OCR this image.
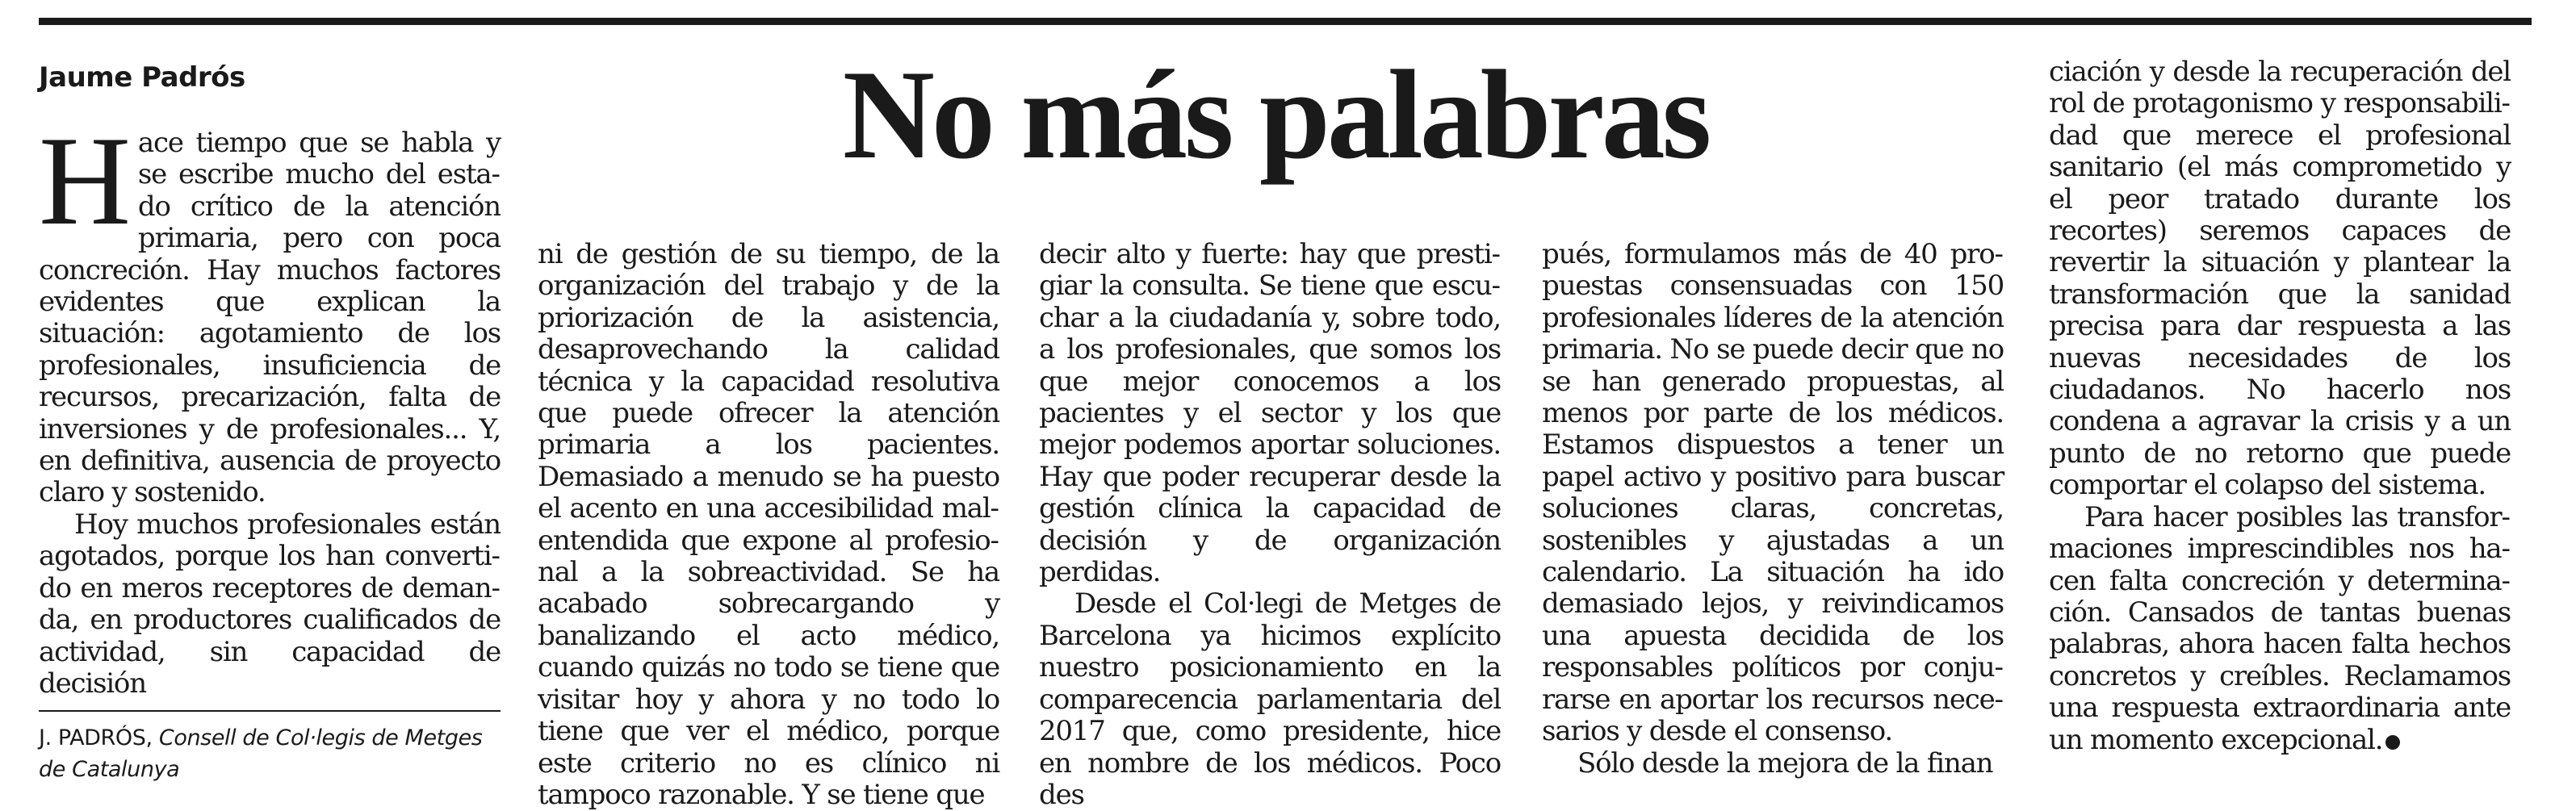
Jaume Padrós	No más palabras

Hace tiempo que se habla y se escribe mucho del estado crítico de la atención primaria, pero con poca concreción. Hay muchos factores evidentes que explican la situación: agotamiento de los profesionales, insuficiencia de recursos, precarización, falta de inversiones y de profesionales... Y, en definitiva, ausencia de proyecto claro y sostenido.

Hoy muchos profesionales están agotados, porque los han convertido en meros receptores de demanda, en productores cualificados de actividad, sin capacidad de decisión

ni de gestión de su tiempo, de la organización del trabajo y de la priorización de la asistencia, desaprovechando la calidad técnica y la capacidad resolutiva que puede ofrecer la atención primaria a los pacientes. Demasiado a menudo se ha puesto el acento en una accesibilidad malentendida que expone al profesional a la sobreactividad. Se ha acabado sobrecargando y banalizando el acto médico, cuando quizás no todo se tiene que visitar hoy y ahora y no todo lo tiene que ver el médico, porque este criterio no es clínico ni tampoco razonable. Y se tiene que

decir alto y fuerte: hay que prestigiar la consulta. Se tiene que escuchar a la ciudadanía y, sobre todo, a los profesionales, que somos los que mejor conocemos a los pacientes y el sector y los que mejor podemos aportar soluciones. Hay que poder recuperar desde la gestión clínica la capacidad de decisión y de organización perdidas.

Desde el Col·legi de Metges de Barcelona ya hicimos explícito nuestro posicionamiento en la comparecencia parlamentaria del 2017 que, como presidente, hice en nombre de los médicos. Poco des

pués, formulamos más de 40 propuestas consensuadas con 150 profesionales líderes de la atención primaria. No se puede decir que no se han generado propuestas, al menos por parte de los médicos. Estamos dispuestos a tener un papel activo y positivo para buscar soluciones claras, concretas, sostenibles y ajustadas a un calendario. La situación ha ido demasiado lejos, y reivindicamos una apuesta decidida de los responsables políticos por conjurarse en aportar los recursos necesarios y desde el consenso.

Sólo desde la mejora de la finan

ciación y desde la recuperación del rol de protagonismo y responsabilidad que merece el profesional sanitario (el más comprometido y el peor tratado durante los recortes) seremos capaces de revertir la situación y plantear la transformación que la sanidad precisa para dar respuesta a las nuevas necesidades de los ciudadanos. No hacerlo nos condena a agravar la crisis y a un punto de no retorno que puede comportar el colapso del sistema.

Para hacer posibles las transformaciones imprescindibles nos hacen falta concreción y determinación. Cansados de tantas buenas palabras, ahora hacen falta hechos concretos y creíbles. Reclamamos una respuesta extraordinaria ante un momento excepcional.

J. PADRÓS, Consell de Col·legis de Metges de Catalunya
